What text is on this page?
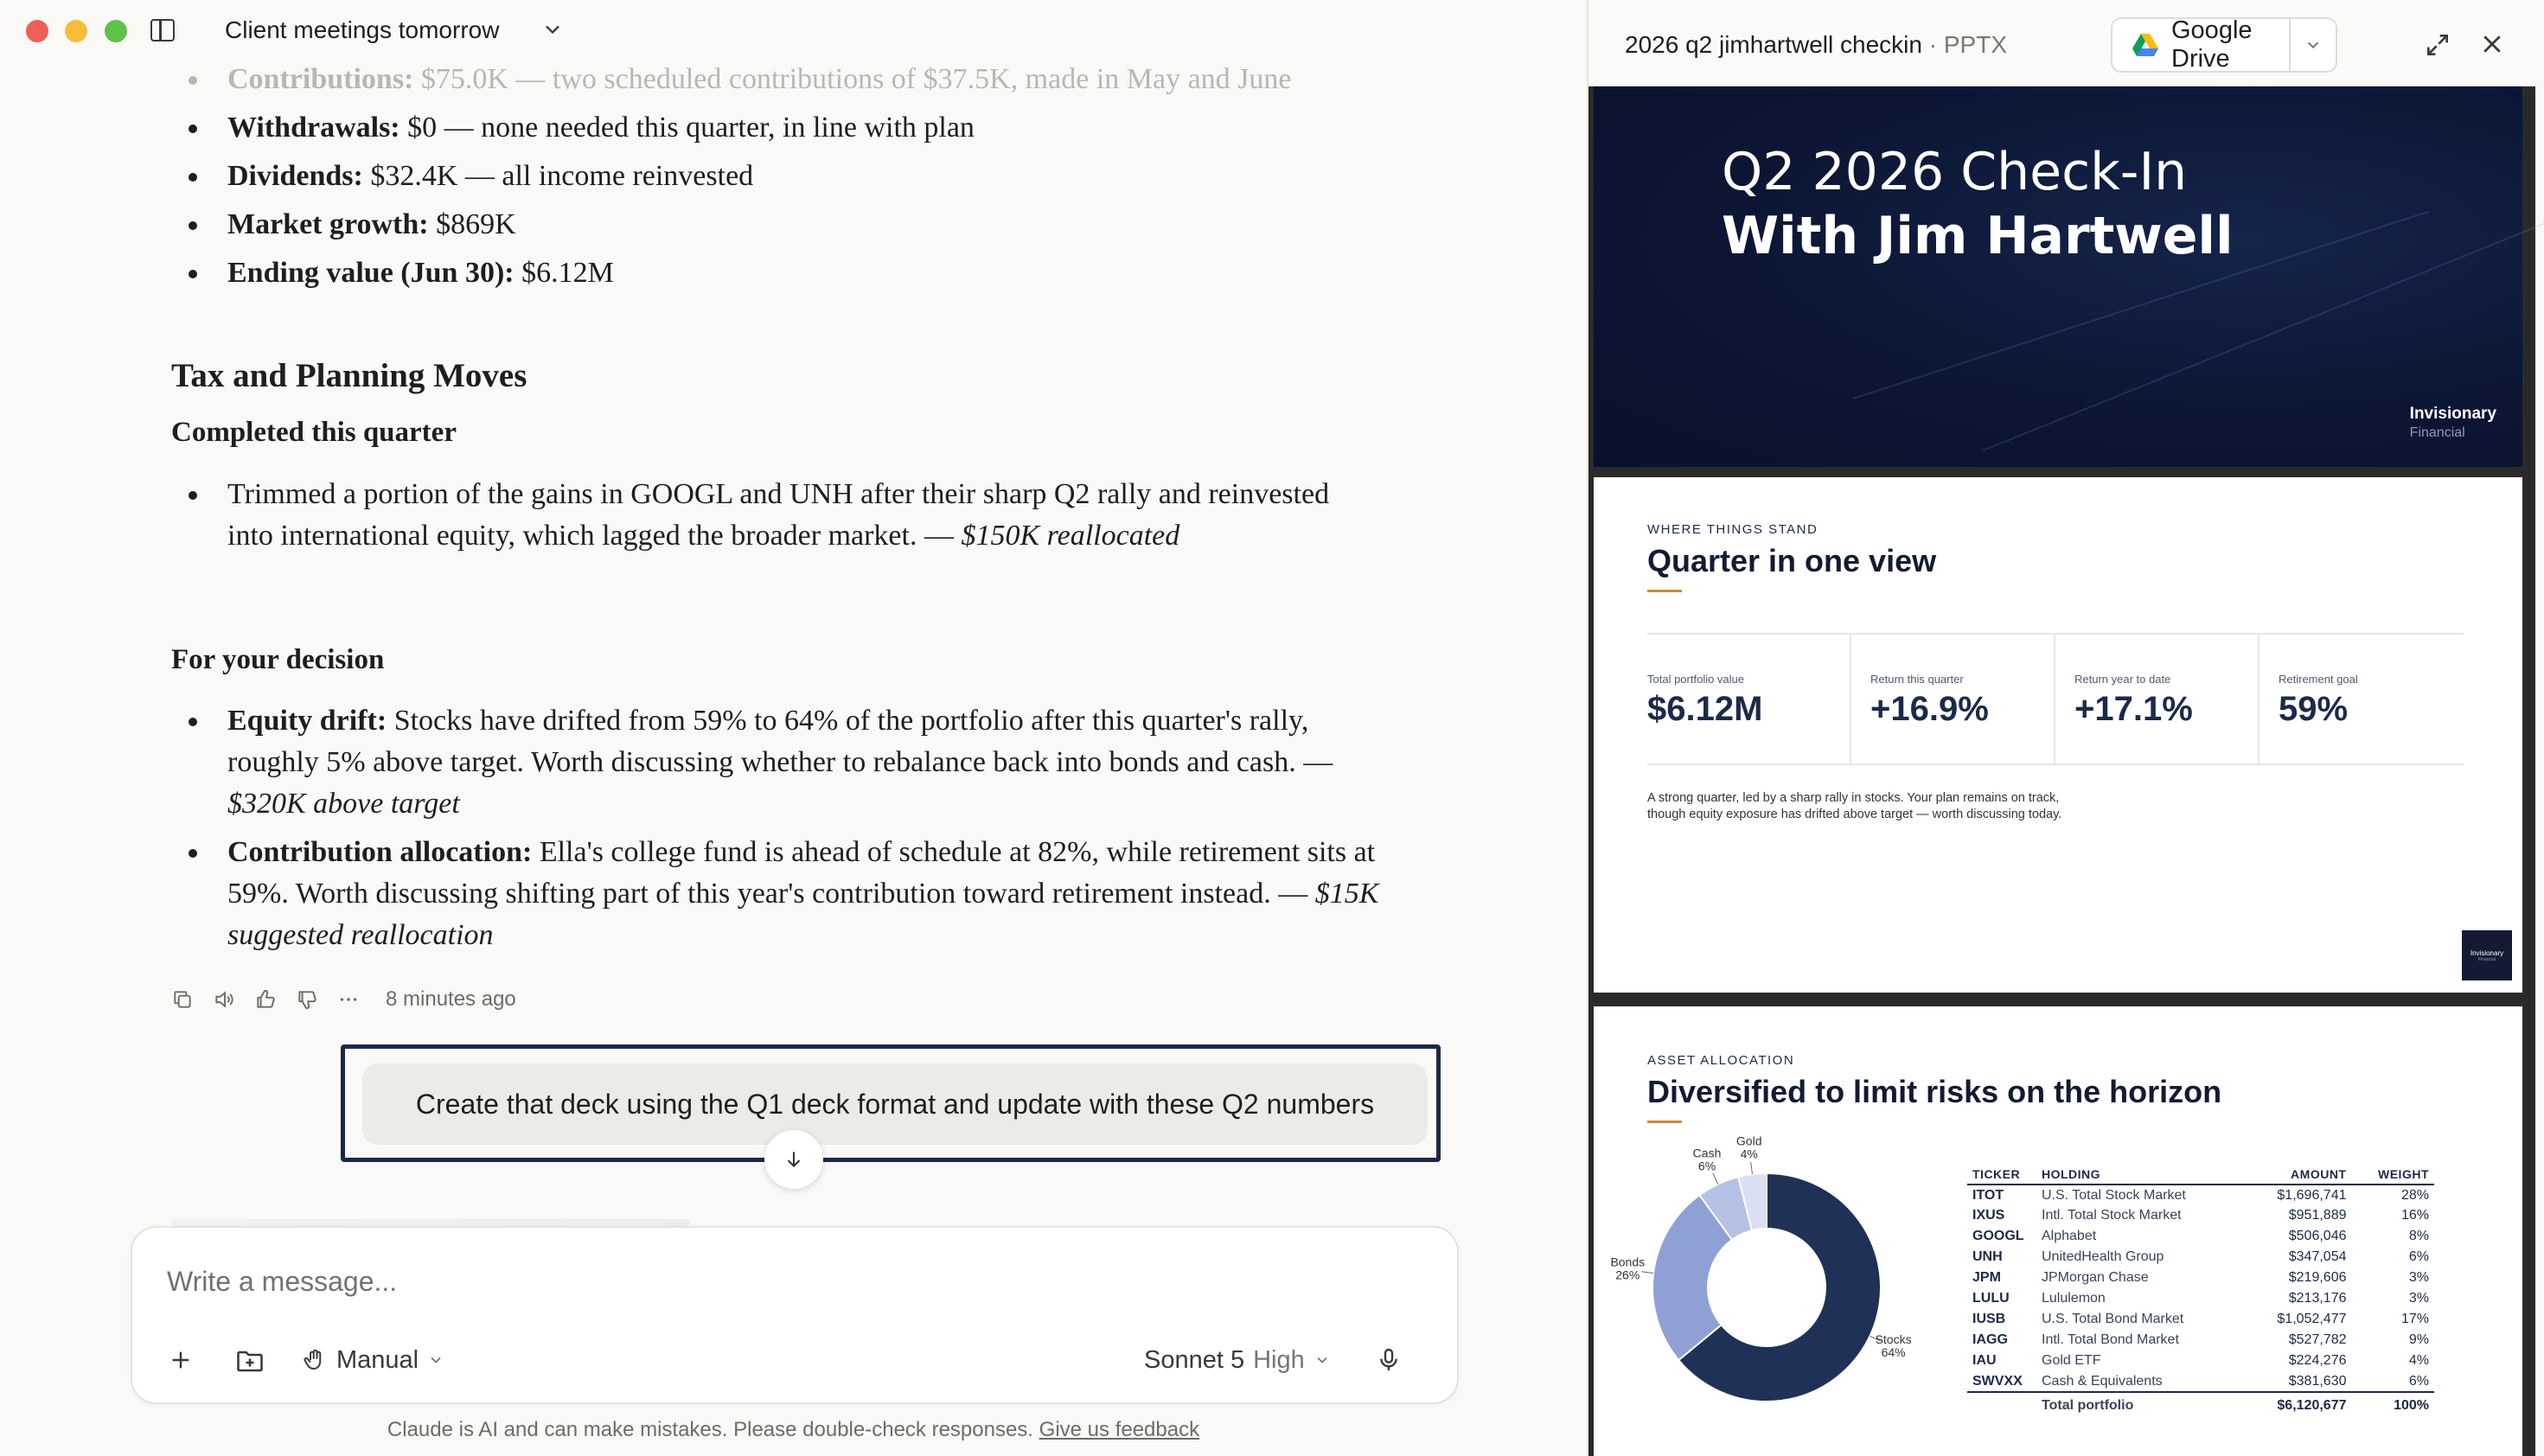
Client meetings tomorrow
Contributions: $75.0K — two scheduled contributions of $37.5K, made in May and June
Withdrawals: $0 — none needed this quarter, in line with plan
Dividends: $32.4K — all income reinvested
Market growth: $869K
Ending value (Jun 30): $6.12M
Tax and Planning Moves
Completed this quarter
Trimmed a portion of the gains in GOOGL and UNH after their sharp Q2 rally and reinvested into international equity, which lagged the broader market. — $150K reallocated
For your decision
Equity drift: Stocks have drifted from 59% to 64% of the portfolio after this quarter's rally, roughly 5% above target. Worth discussing whether to rebalance back into bonds and cash. — $320K above target
Contribution allocation: Ella's college fund is ahead of schedule at 82%, while retirement sits at 59%. Worth discussing shifting part of this year's contribution toward retirement instead. — $15K suggested reallocation
8 minutes ago
Create that deck using the Q1 deck format and update with these Q2 numbers
Write a message...
Manual	Sonnet 5 High
Claude is AI and can make mistakes. Please double-check responses. Give us feedback
2026 q2 jimhartwell checkin · PPTX
Google Drive
Q2 2026 Check-In
With Jim Hartwell
Invisionary
Financial
WHERE THINGS STAND
Quarter in one view
Total portfolio value
$6.12M
Return this quarter
+16.9%
Return year to date
+17.1%
Retirement goal
59%
A strong quarter, led by a sharp rally in stocks. Your plan remains on track, though equity exposure has drifted above target — worth discussing today.
Invisionary
Financial
ASSET ALLOCATION
Diversified to limit risks on the horizon
Stocks 64%
Bonds 26%
Cash 6%
Gold 4%
TICKER	HOLDING	AMOUNT	WEIGHT
ITOT	U.S. Total Stock Market	$1,696,741	28%
IXUS	Intl. Total Stock Market	$951,889	16%
GOOGL	Alphabet	$506,046	8%
UNH	UnitedHealth Group	$347,054	6%
JPM	JPMorgan Chase	$219,606	3%
LULU	Lululemon	$213,176	3%
IUSB	U.S. Total Bond Market	$1,052,477	17%
IAGG	Intl. Total Bond Market	$527,782	9%
IAU	Gold ETF	$224,276	4%
SWVXX	Cash & Equivalents	$381,630	6%
	Total portfolio	$6,120,677	100%
